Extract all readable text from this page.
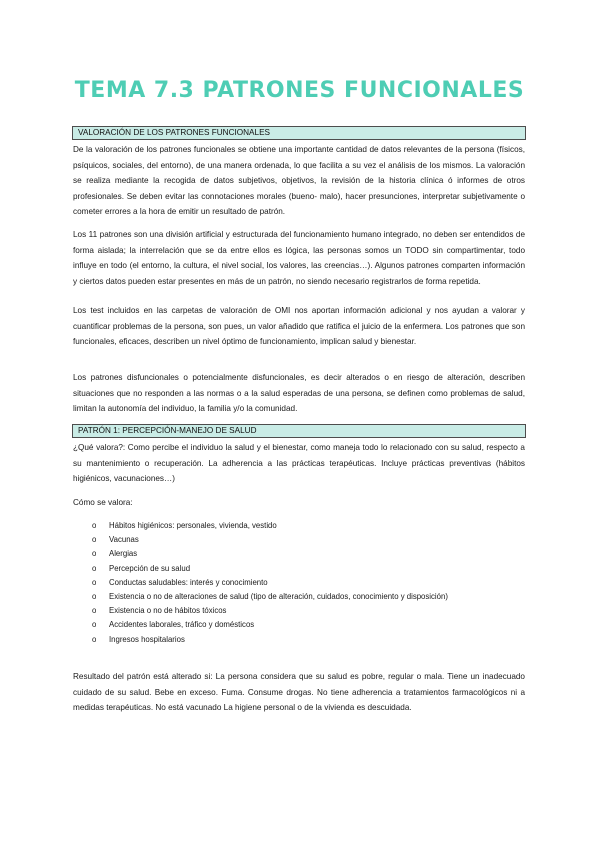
TEMA 7.3 PATRONES FUNCIONALES
VALORACIÓN DE LOS PATRONES FUNCIONALES

De la valoración de los patrones funcionales se obtiene una importante cantidad de datos relevantes de la persona (físicos, psíquicos, sociales, del entorno), de una manera ordenada, lo que facilita a su vez el análisis de los mismos. La valoración se realiza mediante la recogida de datos subjetivos, objetivos, la revisión de la historia clínica ó informes de otros profesionales. Se deben evitar las connotaciones morales (bueno- malo), hacer presunciones, interpretar subjetivamente o cometer errores a la hora de emitir un resultado de patrón.

Los 11 patrones son una división artificial y estructurada del funcionamiento humano integrado, no deben ser entendidos de forma aislada; la interrelación que se da entre ellos es lógica, las personas somos un TODO sin compartimentar, todo influye en todo (el entorno, la cultura, el nivel social, los valores, las creencias…). Algunos patrones comparten información y ciertos datos pueden estar presentes en más de un patrón, no siendo necesario registrarlos de forma repetida.

Los test incluidos en las carpetas de valoración de OMI nos aportan información adicional y nos ayudan a valorar y cuantificar problemas de la persona, son pues, un valor añadido que ratifica el juicio de la enfermera. Los patrones que son funcionales, eficaces, describen un nivel óptimo de funcionamiento, implican salud y bienestar.

Los patrones disfuncionales o potencialmente disfuncionales, es decir alterados o en riesgo de alteración, describen situaciones que no responden a las normas o a la salud esperadas de una persona, se definen como problemas de salud, limitan la autonomía del individuo, la familia y/o la comunidad.

PATRÓN 1: PERCEPCIÓN-MANEJO DE SALUD

¿Qué valora?: Como percibe el individuo la salud y el bienestar, como maneja todo lo relacionado con su salud, respecto a su mantenimiento o recuperación. La adherencia a las prácticas terapéuticas. Incluye prácticas preventivas (hábitos higiénicos, vacunaciones…)

Cómo se valora:
o Hábitos higiénicos: personales, vivienda, vestido
o Vacunas
o Alergias
o Percepción de su salud
o Conductas saludables: interés y conocimiento
o Existencia o no de alteraciones de salud (tipo de alteración, cuidados, conocimiento y disposición)
o Existencia o no de hábitos tóxicos
o Accidentes laborales, tráfico y domésticos
o Ingresos hospitalarios

Resultado del patrón está alterado si: La persona considera que su salud es pobre, regular o mala. Tiene un inadecuado cuidado de su salud. Bebe en exceso. Fuma. Consume drogas. No tiene adherencia a tratamientos farmacológicos ni a medidas terapéuticas. No está vacunado La higiene personal o de la vivienda es descuidada.
